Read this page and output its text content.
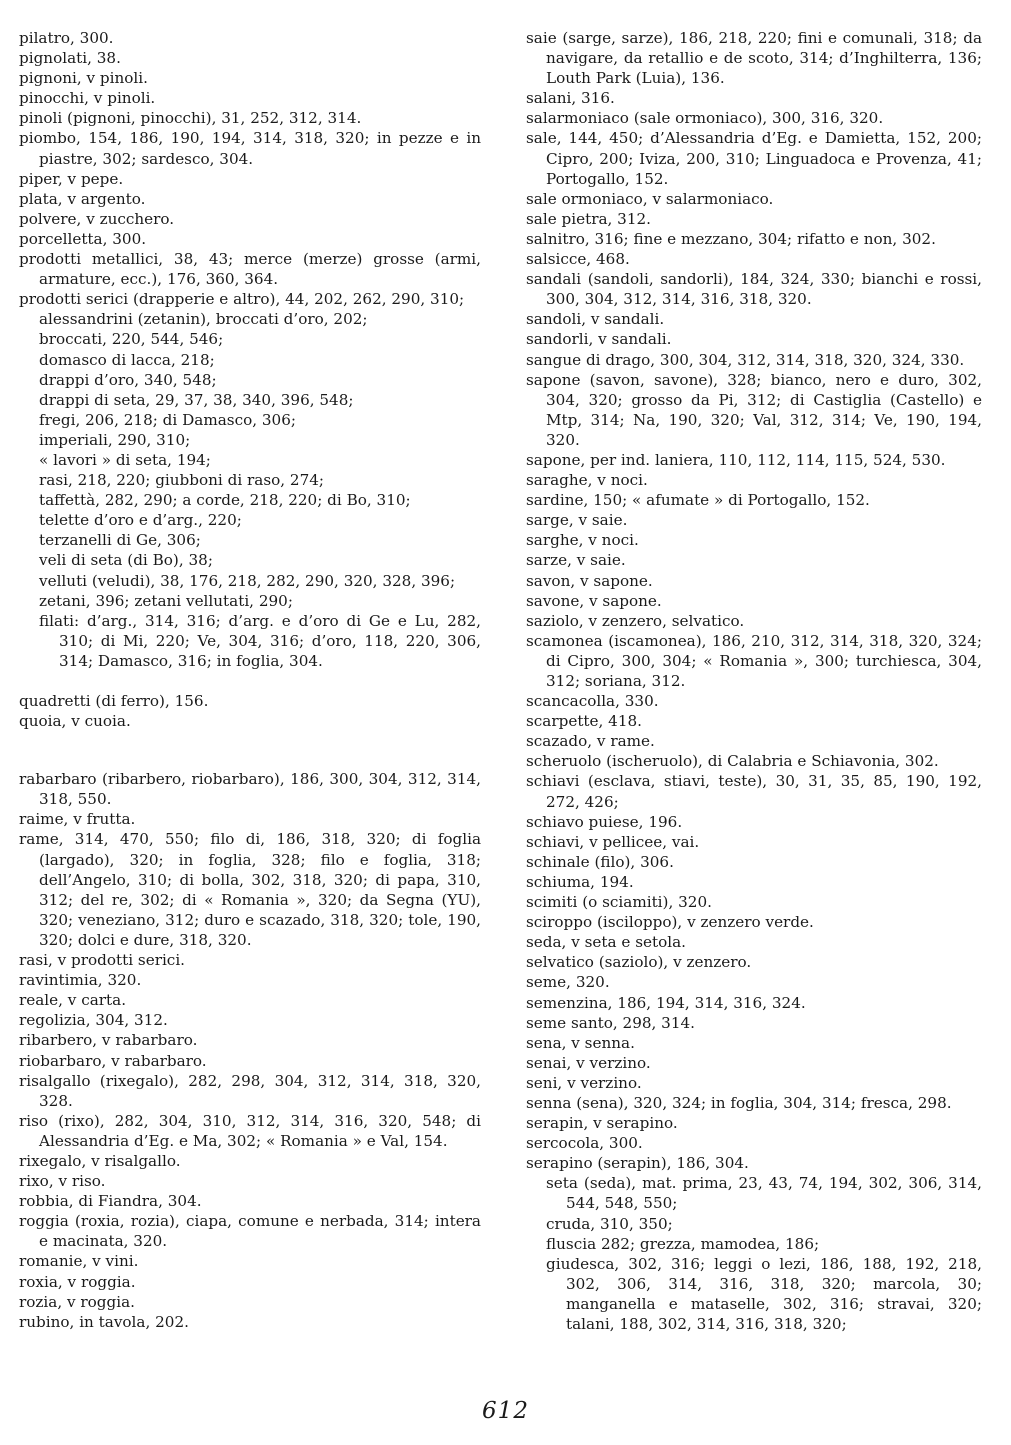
pilatro, 300.

pignolati, 38.

pignoni, v pinoli.

pinocchi, v pinoli.

pinoli (pignoni, pinocchi), 31, 252, 312, 314.

piombo, 154, 186, 190, 194, 314, 318, 320; in pezze e in piastre, 302; sardesco, 304.

piper, v pepe.

plata, v argento.

polvere, v zucchero.

porcelletta, 300.

prodotti metallici, 38, 43; merce (merze) grosse (armi, armature, ecc.), 176, 360, 364.

prodotti serici (drapperie e altro), 44, 202, 262, 290, 310;

alessandrini (zetanin), broccati d’oro, 202;

broccati, 220, 544, 546;

domasco di lacca, 218;

drappi d’oro, 340, 548;

drappi di seta, 29, 37, 38, 340, 396, 548;

fregi, 206, 218; di Damasco, 306;

imperiali, 290, 310;

« lavori » di seta, 194;

rasi, 218, 220; giubboni di raso, 274;

taffettà, 282, 290; a corde, 218, 220; di Bo, 310;

telette d’oro e d’arg., 220;

terzanelli di Ge, 306;

veli di seta (di Bo), 38;

velluti (veludi), 38, 176, 218, 282, 290, 320, 328, 396;

zetani, 396; zetani vellutati, 290;

filati: d’arg., 314, 316; d’arg. e d’oro di Ge e Lu, 282, 310; di Mi, 220; Ve, 304, 316; d’oro, 118, 220, 306, 314; Damasco, 316; in foglia, 304.

quadretti (di ferro), 156.

quoia, v cuoia.

rabarbaro (ribarbero, riobarbaro), 186, 300, 304, 312, 314, 318, 550.

raime, v frutta.

rame, 314, 470, 550; filo di, 186, 318, 320; di foglia (largado), 320; in foglia, 328; filo e foglia, 318; dell’Angelo, 310; di bolla, 302, 318, 320; di papa, 310, 312; del re, 302; di « Romania », 320; da Segna (YU), 320; veneziano, 312; duro e scazado, 318, 320; tole, 190, 320; dolci e dure, 318, 320.

rasi, v prodotti serici.

ravintimia, 320.

reale, v carta.

regolizia, 304, 312.

ribarbero, v rabarbaro.

riobarbaro, v rabarbaro.

risalgallo (rixegalo), 282, 298, 304, 312, 314, 318, 320, 328.

riso (rixo), 282, 304, 310, 312, 314, 316, 320, 548; di Alessandria d’Eg. e Ma, 302; « Romania » e Val, 154.

rixegalo, v risalgallo.

rixo, v riso.

robbia, di Fiandra, 304.

roggia (roxia, rozia), ciapa, comune e nerbada, 314; intera e macinata, 320.

romanie, v vini.

roxia, v roggia.

rozia, v roggia.

rubino, in tavola, 202.

saie (sarge, sarze), 186, 218, 220; fini e comunali, 318; da navigare, da retallio e de scoto, 314; d’Inghilterra, 136; Louth Park (Luia), 136.

salani, 316.

salarmoniaco (sale ormoniaco), 300, 316, 320.

sale, 144, 450; d’Alessandria d’Eg. e Damietta, 152, 200; Cipro, 200; Iviza, 200, 310; Linguadoca e Provenza, 41; Portogallo, 152.

sale ormoniaco, v salarmoniaco.

sale pietra, 312.

salnitro, 316; fine e mezzano, 304; rifatto e non, 302.

salsicce, 468.

sandali (sandoli, sandorli), 184, 324, 330; bianchi e rossi, 300, 304, 312, 314, 316, 318, 320.

sandoli, v sandali.

sandorli, v sandali.

sangue di drago, 300, 304, 312, 314, 318, 320, 324, 330.

sapone (savon, savone), 328; bianco, nero e duro, 302, 304, 320; grosso da Pi, 312; di Castiglia (Castello) e Mtp, 314; Na, 190, 320; Val, 312, 314; Ve, 190, 194, 320.

sapone, per ind. laniera, 110, 112, 114, 115, 524, 530.

saraghe, v noci.

sardine, 150; « afumate » di Portogallo, 152.

sarge, v saie.

sarghe, v noci.

sarze, v saie.

savon, v sapone.

savone, v sapone.

saziolo, v zenzero, selvatico.

scamonea (iscamonea), 186, 210, 312, 314, 318, 320, 324; di Cipro, 300, 304; « Romania », 300; turchiesca, 304, 312; soriana, 312.

scancacolla, 330.

scarpette, 418.

scazado, v rame.

scheruolo (ischeruolo), di Calabria e Schiavonia, 302.

schiavi (esclava, stiavi, teste), 30, 31, 35, 85, 190, 192, 272, 426;

schiavo puiese, 196.

schiavi, v pellicee, vai.

schinale (filo), 306.

schiuma, 194.

scimiti (o sciamiti), 320.

sciroppo (isciloppo), v zenzero verde.

seda, v seta e setola.

selvatico (saziolo), v zenzero.

seme, 320.

semenzina, 186, 194, 314, 316, 324.

seme santo, 298, 314.

sena, v senna.

senai, v verzino.

seni, v verzino.

senna (sena), 320, 324; in foglia, 304, 314; fresca, 298.

serapin, v serapino.

sercocola, 300.

serapino (serapin), 186, 304.

seta (seda), mat. prima, 23, 43, 74, 194, 302, 306, 314, 544, 548, 550;

cruda, 310, 350;

fluscia 282; grezza, mamodea, 186;

giudesca, 302, 316; leggi o lezi, 186, 188, 192, 218, 302, 306, 314, 316, 318, 320; marcola, 30; manganella e mataselle, 302, 316; stravai, 320; talani, 188, 302, 314, 316, 318, 320;

612
